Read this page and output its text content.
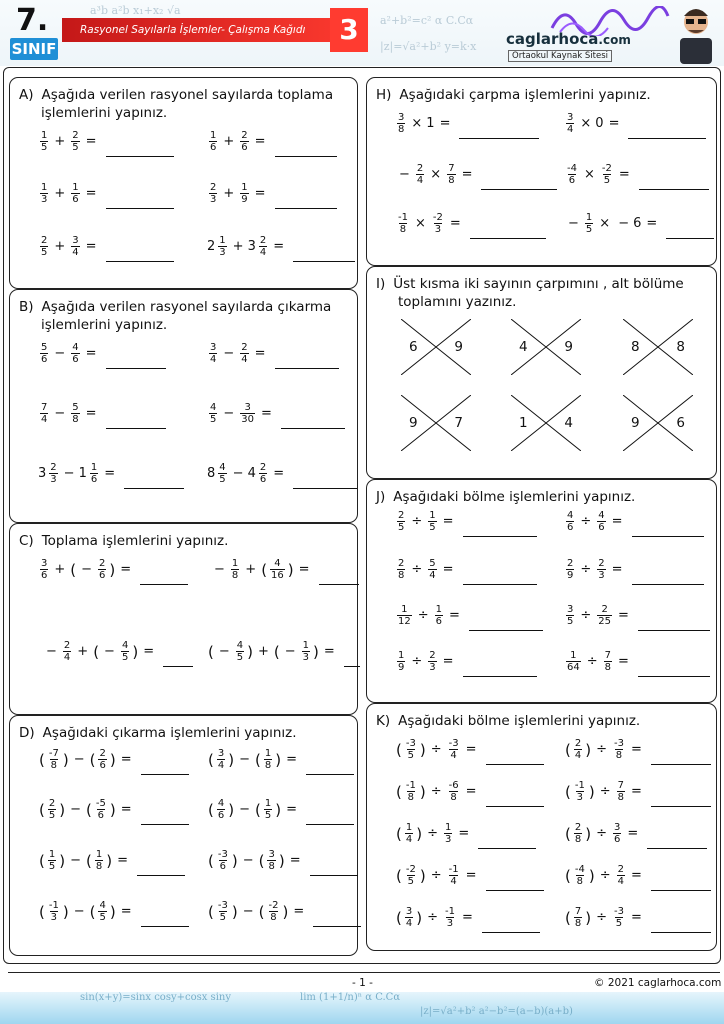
a³b a²b x₁+x₂ √a
a²+b²=c² α C.Cα
|z|=√a²+b² y=k·x
7.
SINIF
Rasyonel Sayılarla İşlemler- Çalışma Kağıdı	3	caglarhoca.com
Ortaokul Kaynak Sitesi
A) Aşağıda verilen rasyonel sayılarda toplama
işlemlerini yapınız.
$\frac{1}{5} + \frac{2}{5}$ =	$\frac{1}{6} + \frac{2}{6}$ =
$\frac{1}{3} + \frac{1}{6}$ =	$\frac{2}{3} + \frac{1}{9}$ =
$\frac{2}{5} + \frac{3}{4}$ =	$2 \frac{1}{3} + 3 \frac{2}{4}$ =
B) Aşağıda verilen rasyonel sayılarda çıkarma
işlemlerini yapınız.
$\frac{5}{6} - \frac{4}{6}$ =	$\frac{3}{4} - \frac{2}{4}$ =
$\frac{7}{4} - \frac{5}{8}$ =	$\frac{4}{5} - \frac{3}{30}$ =
$3 \frac{2}{3} - 1 \frac{1}{6}$ =	$8 \frac{4}{5} - 4 \frac{2}{6}$ =
C) Toplama işlemlerini yapınız.
$\frac{3}{6}$ + ( − $\frac{2}{6}$ ) =	− $\frac{1}{8}$ + ( $\frac{4}{16}$ ) =
− $\frac{2}{4}$ + ( − $\frac{4}{5}$ ) =	( − $\frac{4}{5}$ ) + ( − $\frac{1}{3}$ ) =
D) Aşağıdaki çıkarma işlemlerini yapınız.
( $\frac{-7}{8}$ ) − ( $\frac{2}{6}$ ) =	( $\frac{3}{4}$ ) − ( $\frac{1}{8}$ ) =
( $\frac{2}{5}$ ) − ( $\frac{-5}{6}$ ) =	( $\frac{4}{6}$ ) − ( $\frac{1}{5}$ ) =
( $\frac{1}{5}$ ) − ( $\frac{1}{8}$ ) =	( $\frac{-3}{6}$ ) − ( $\frac{3}{8}$ ) =
( $\frac{-1}{3}$ ) − ( $\frac{4}{5}$ ) =	( $\frac{-3}{5}$ ) − ( $\frac{-2}{8}$ ) =
H) Aşağıdaki çarpma işlemlerini yapınız.
$\frac{3}{8} \times 1$ =	$\frac{3}{4} \times 0$ =
− $\frac{2}{4} \times \frac{7}{8}$ =	$\frac{-4}{6} \times \frac{-2}{5}$ =
$\frac{-1}{8} \times \frac{-2}{3}$ =	− $\frac{1}{5}$ × − 6 =
I) Üst kısma iki sayının çarpımını , alt bölüme
toplamını yazınız.
6	9	4	9	8	8
9	7	1	4	9	6
J) Aşağıdaki bölme işlemlerini yapınız.
$\frac{2}{5} \div \frac{1}{5}$ =	$\frac{4}{6} \div \frac{4}{6}$ =
$\frac{2}{8} \div \frac{5}{4}$ =	$\frac{2}{9} \div \frac{2}{3}$ =
$\frac{1}{12} \div \frac{1}{6}$ =	$\frac{3}{5} \div \frac{2}{25}$ =
$\frac{1}{9} \div \frac{2}{3}$ =	$\frac{1}{64} \div \frac{7}{8}$ =
K) Aşağıdaki bölme işlemlerini yapınız.
( $\frac{-3}{5}$ ) ÷ $\frac{-3}{4}$ =	( $\frac{2}{4}$ ) ÷ $\frac{-3}{8}$ =
( $\frac{-1}{8}$ ) ÷ $\frac{-6}{8}$ =	( $\frac{-1}{3}$ ) ÷ $\frac{7}{8}$ =
( $\frac{1}{4}$ ) ÷ $\frac{1}{3}$ =	( $\frac{2}{8}$ ) ÷ $\frac{3}{6}$ =
( $\frac{-2}{5}$ ) ÷ $\frac{-1}{4}$ =	( $\frac{-4}{8}$ ) ÷ $\frac{2}{4}$ =
( $\frac{3}{4}$ ) ÷ $\frac{-1}{3}$ =	( $\frac{7}{8}$ ) ÷ $\frac{-3}{5}$ =
- 1 -	© 2021 caglarhoca.com
sin(x+y)=sinx cosy+cosx siny	lim (1+1/n)ⁿ α C.Cα
|z|=√a²+b² a²−b²=(a−b)(a+b)
